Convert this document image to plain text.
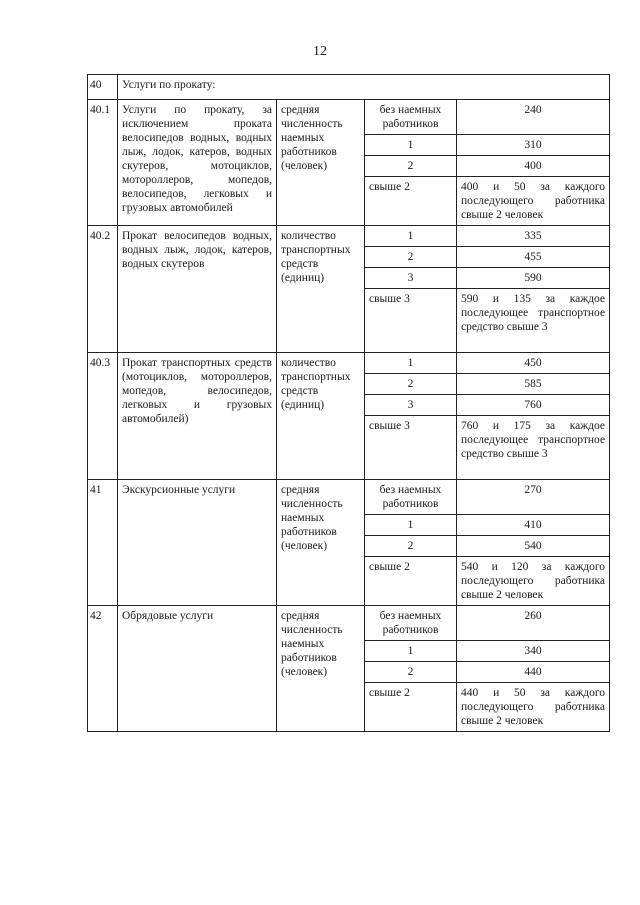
12
40	Услуги по прокату:			
40.1	Услуги по прокату, за исключением проката велосипедов водных, водных лыж, лодок, катеров, водных скутеров, мотоциклов, мотороллеров, мопедов, велосипедов, легковых и грузовых автомобилей	средняя численность наемных работников (человек)	без наемных работников	240
			1	310
			2	400
			свыше 2	400 и 50 за каждого последующего работника свыше 2 человек
40.2	Прокат велосипедов водных, водных лыж, лодок, катеров, водных скутеров	количество транспортных средств (единиц)	1	335
			2	455
			3	590
			свыше 3	590 и 135 за каждое последующее транспортное средство свыше 3
40.3	Прокат транспортных средств (мотоциклов, мотороллеров, мопедов, велосипедов, легковых и грузовых автомобилей)	количество транспортных средств (единиц)	1	450
			2	585
			3	760
			свыше 3	760 и 175 за каждое последующее транспортное средство свыше 3
41	Экскурсионные услуги	средняя численность наемных работников (человек)	без наемных работников	270
			1	410
			2	540
			свыше 2	540 и 120 за каждого последующего работника свыше 2 человек
42	Обрядовые услуги	средняя численность наемных работников (человек)	без наемных работников	260
			1	340
			2	440
			свыше 2	440 и 50 за каждого последующего работника свыше 2 человек
